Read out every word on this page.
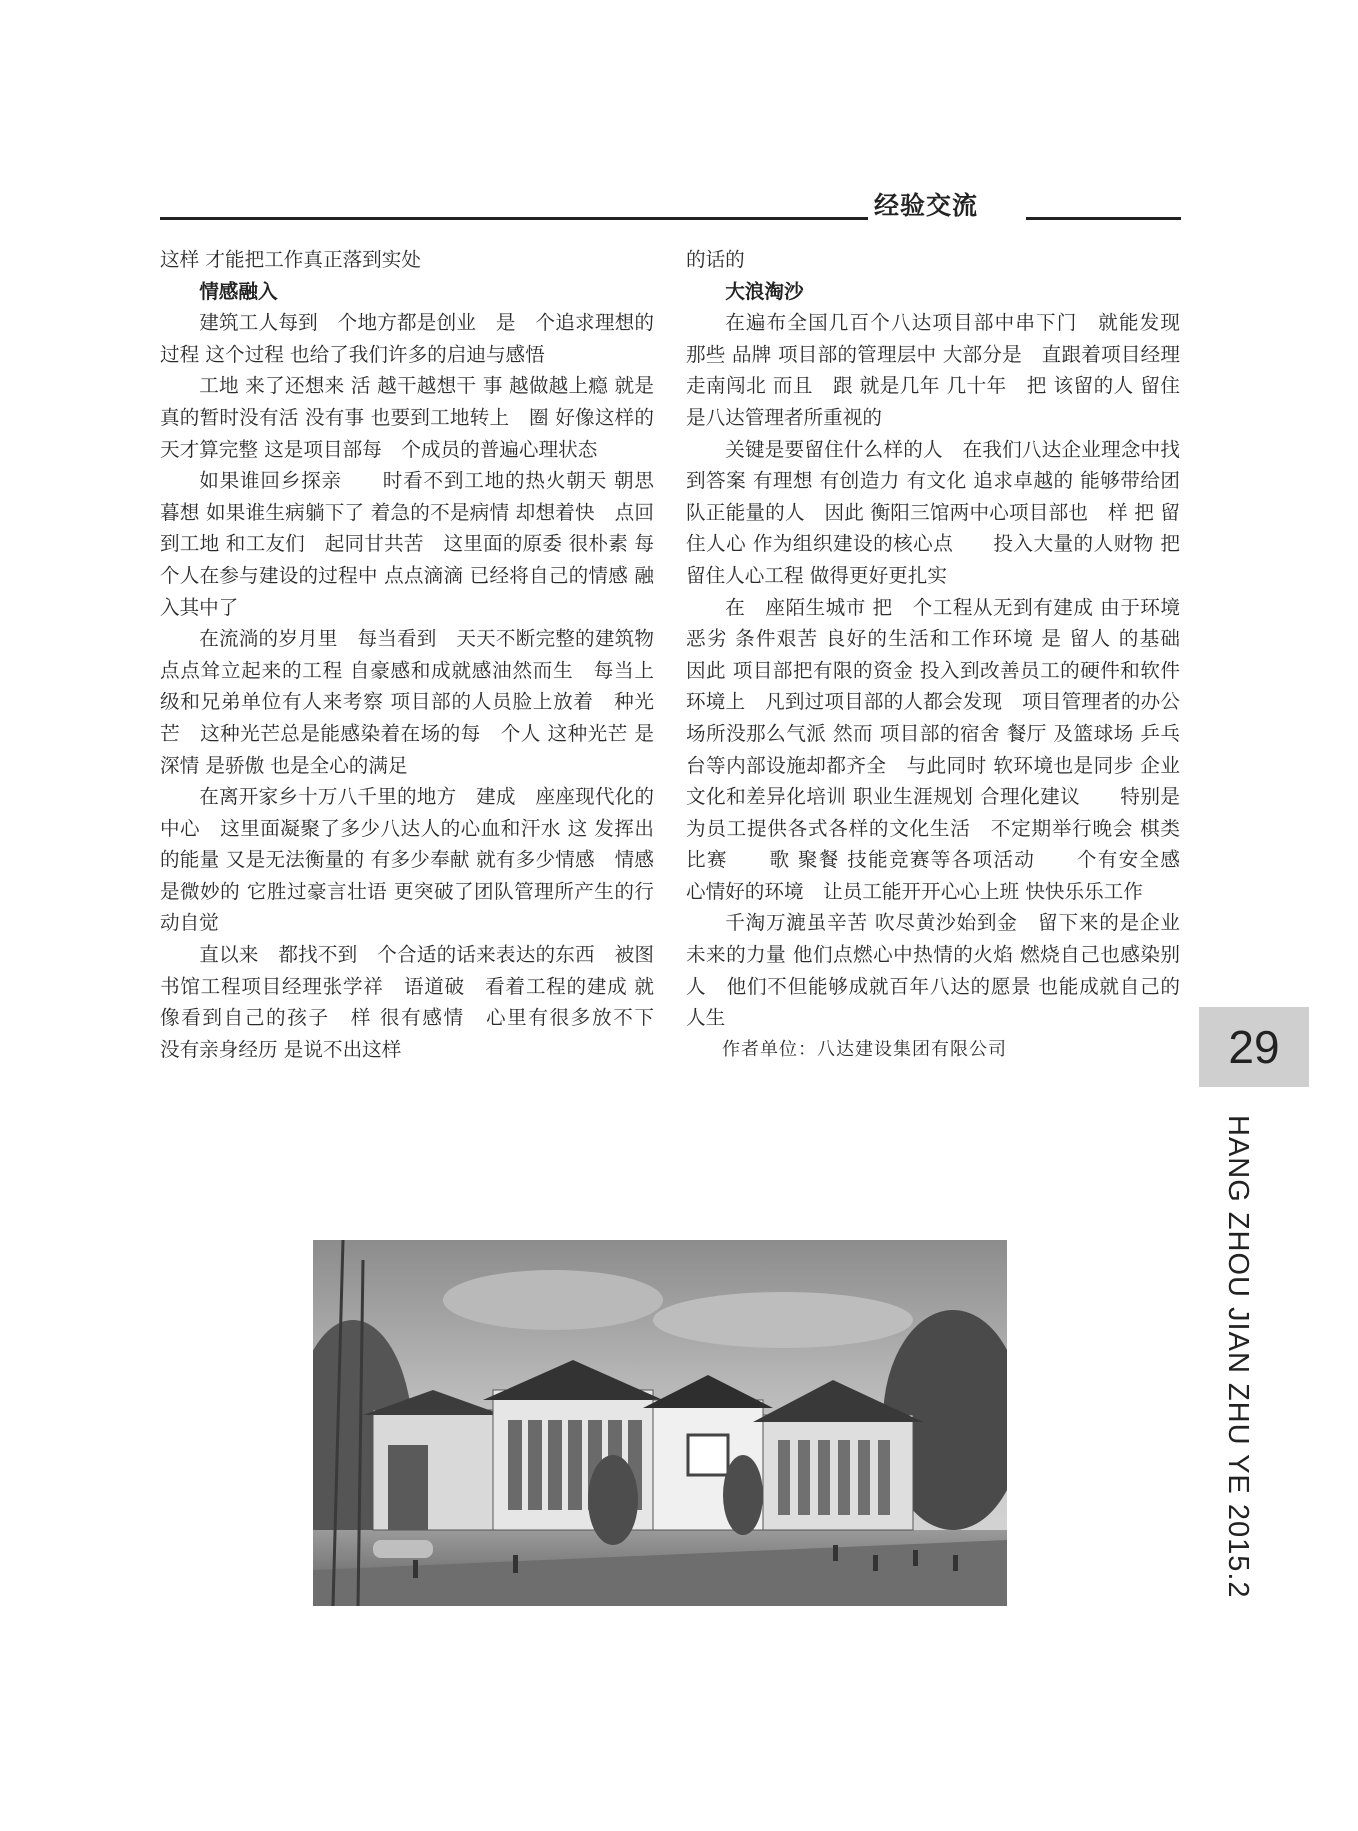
经验交流

这样 才能把工作真正落到实处

情感融入

建筑工人每到　个地方都是创业　是　个追求理想的过程 这个过程 也给了我们许多的启迪与感悟

工地 来了还想来 活 越干越想干 事 越做越上瘾 就是真的暂时没有活 没有事 也要到工地转上　圈 好像这样的　天才算完整 这是项目部每　个成员的普遍心理状态

如果谁回乡探亲　　时看不到工地的热火朝天 朝思暮想 如果谁生病躺下了 着急的不是病情 却想着快　点回到工地 和工友们　起同甘共苦　这里面的原委 很朴素 每个人在参与建设的过程中 点点滴滴 已经将自己的情感 融入其中了

在流淌的岁月里　每当看到　天天不断完整的建筑物　　点点耸立起来的工程 自豪感和成就感油然而生　每当上级和兄弟单位有人来考察 项目部的人员脸上放着　种光芒　这种光芒总是能感染着在场的每　个人 这种光芒 是深情 是骄傲 也是全心的满足

在离开家乡十万八千里的地方　建成　座座现代化的 中心　这里面凝聚了多少八达人的心血和汗水 这 发挥出的能量 又是无法衡量的 有多少奉献 就有多少情感　情感是微妙的 它胜过豪言壮语 更突破了团队管理所产生的行动自觉

直以来　都找不到　个合适的话来表达的东西　被图书馆工程项目经理张学祥　语道破　看着工程的建成 就像看到自己的孩子　样 很有感情　心里有很多放不下　　没有亲身经历 是说不出这样

的话的

大浪淘沙

在遍布全国几百个八达项目部中串下门　就能发现 那些 品牌 项目部的管理层中 大部分是　直跟着项目经理走南闯北 而且　跟 就是几年 几十年　把 该留的人 留住 是八达管理者所重视的

关键是要留住什么样的人　在我们八达企业理念中找到答案 有理想 有创造力 有文化 追求卓越的 能够带给团队正能量的人　因此 衡阳三馆两中心项目部也　样 把 留住人心 作为组织建设的核心点　　投入大量的人财物 把留住人心工程 做得更好更扎实

在　座陌生城市 把　个工程从无到有建成 由于环境恶劣 条件艰苦 良好的生活和工作环境 是 留人 的基础　因此 项目部把有限的资金 投入到改善员工的硬件和软件环境上　凡到过项目部的人都会发现　项目管理者的办公场所没那么气派 然而 项目部的宿舍 餐厅 及篮球场 乒乓台等内部设施却都齐全　与此同时 软环境也是同步 企业文化和差异化培训 职业生涯规划 合理化建议　　特别是为员工提供各式各样的文化生活　不定期举行晚会 棋类比赛　　歌 聚餐 技能竞赛等各项活动　　个有安全感　心情好的环境　让员工能开开心心上班 快快乐乐工作

千淘万漉虽辛苦 吹尽黄沙始到金　留下来的是企业未来的力量 他们点燃心中热情的火焰 燃烧自己也感染别人　他们不但能够成就百年八达的愿景 也能成就自己的人生

作者单位：八达建设集团有限公司	29
HANG ZHOU JIAN ZHU YE 2015.2
